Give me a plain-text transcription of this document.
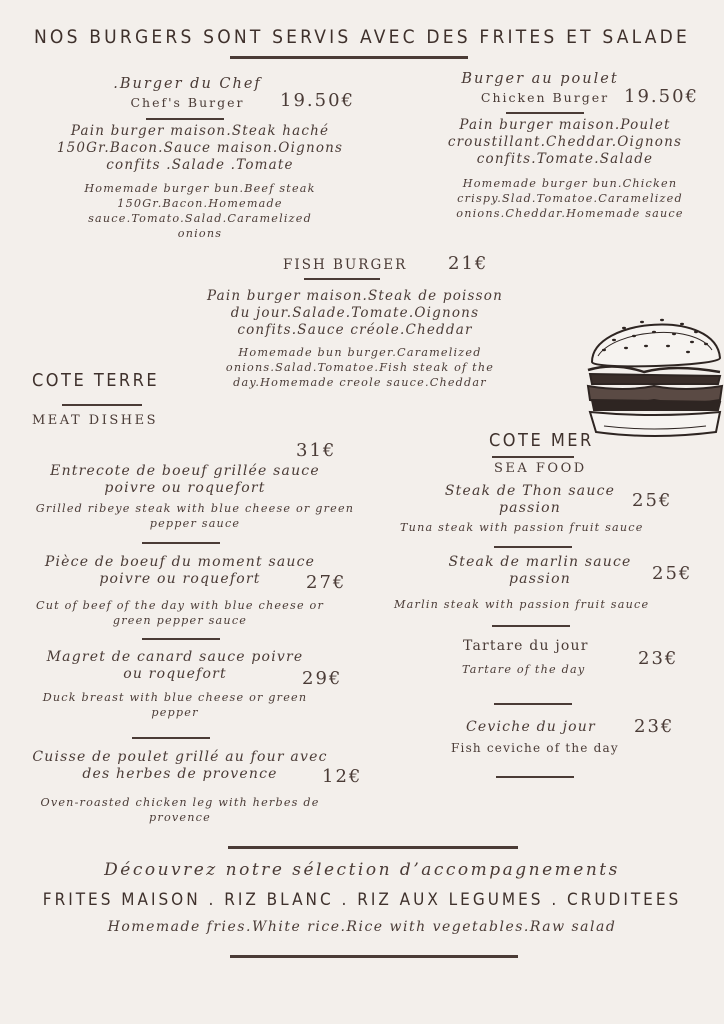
NOS BURGERS SONT SERVIS AVEC DES FRITES ET SALADE
.Burger du Chef
Chef's Burger	19.50€
Pain burger maison.Steak haché
150Gr.Bacon.Sauce maison.Oignons
confits .Salade .Tomate
Homemade burger bun.Beef steak
150Gr.Bacon.Homemade
sauce.Tomato.Salad.Caramelized
onions
Burger au poulet
Chicken Burger 19.50€
Pain burger maison.Poulet
croustillant.Cheddar.Oignons
confits.Tomate.Salade
Homemade burger bun.Chicken
crispy.Slad.Tomatoe.Caramelized
onions.Cheddar.Homemade sauce
FISH BURGER 21€
Pain burger maison.Steak de poisson
du jour.Salade.Tomate.Oignons
confits.Sauce créole.Cheddar
Homemade bun burger.Caramelized
onions.Salad.Tomatoe.Fish steak of the
day.Homemade creole sauce.Cheddar
COTE TERRE
MEAT DISHES
31€
Entrecote de boeuf grillée sauce
poivre ou roquefort
Grilled ribeye steak with blue cheese or green
pepper sauce
Pièce de boeuf du moment sauce
poivre ou roquefort	27€
Cut of beef of the day with blue cheese or
green pepper sauce
Magret de canard sauce poivre
ou roquefort	29€
Duck breast with blue cheese or green
pepper
Cuisse de poulet grillé au four avec
des herbes de provence	12€
Oven-roasted chicken leg with herbes de
provence
COTE MER
SEA FOOD
Steak de Thon sauce
passion	25€
Tuna steak with passion fruit sauce
Steak de marlin sauce
passion	25€
Marlin steak with passion fruit sauce
Tartare du jour
23€
Tartare of the day
Ceviche du jour 23€
Fish ceviche of the day
Découvrez notre sélection d’accompagnements
FRITES MAISON . RIZ BLANC . RIZ AUX LEGUMES . CRUDITEES
Homemade fries.White rice.Rice with vegetables.Raw salad
